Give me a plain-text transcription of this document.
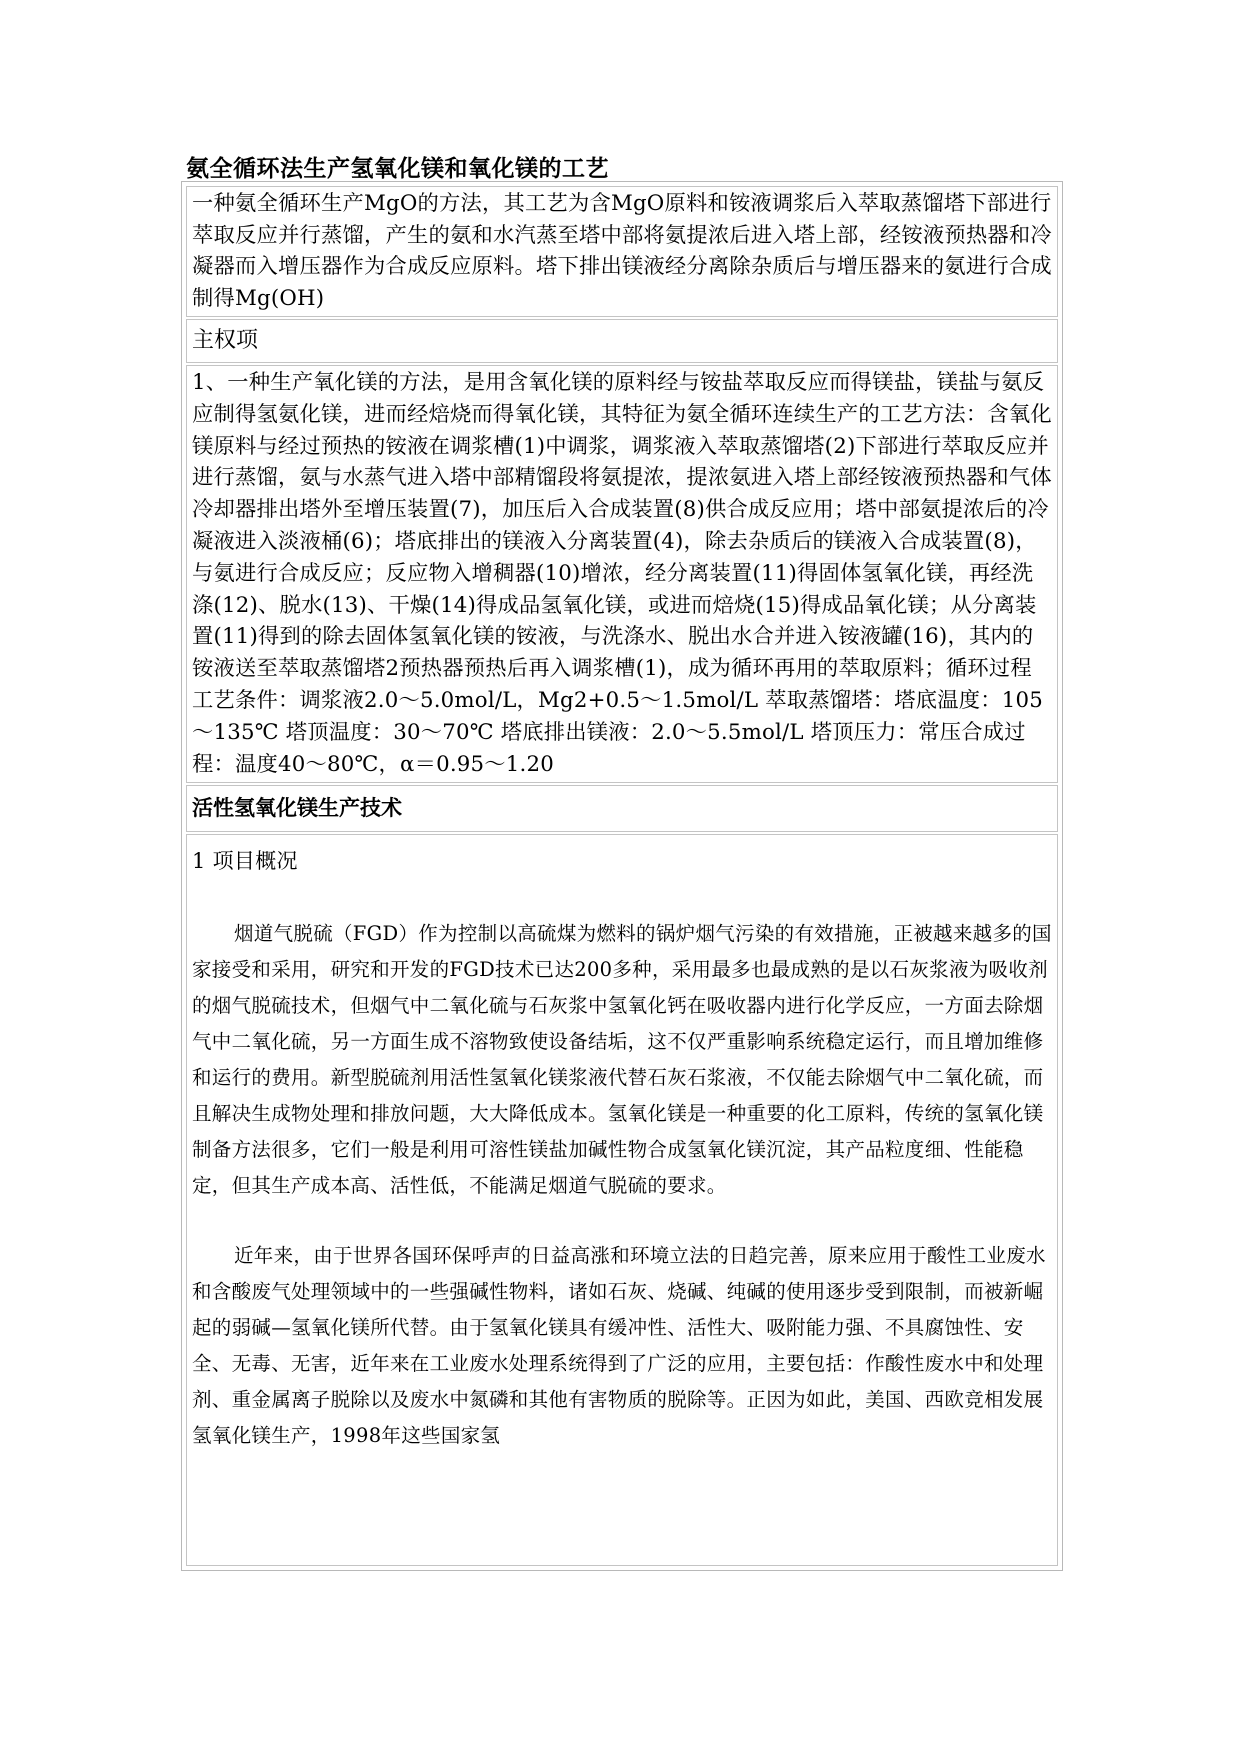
氨全循环法生产氢氧化镁和氧化镁的工艺

一种氨全循环生产MgO的方法，其工艺为含MgO原料和铵液调浆后入萃取蒸馏塔下部进行萃取反应并行蒸馏，产生的氨和水汽蒸至塔中部将氨提浓后进入塔上部，经铵液预热器和冷凝器而入增压器作为合成反应原料。塔下排出镁液经分离除杂质后与增压器来的氨进行合成制得Mg(OH)

主权项

1、一种生产氧化镁的方法，是用含氧化镁的原料经与铵盐萃取反应而得镁盐，镁盐与氨反应制得氢氨化镁，进而经焙烧而得氧化镁，其特征为氨全循环连续生产的工艺方法：含氧化镁原料与经过预热的铵液在调浆槽(1)中调浆，调浆液入萃取蒸馏塔(2)下部进行萃取反应并进行蒸馏，氨与水蒸气进入塔中部精馏段将氨提浓，提浓氨进入塔上部经铵液预热器和气体冷却器排出塔外至增压装置(7)，加压后入合成装置(8)供合成反应用；塔中部氨提浓后的冷凝液进入淡液桶(6)；塔底排出的镁液入分离装置(4)，除去杂质后的镁液入合成装置(8)，与氨进行合成反应；反应物入增稠器(10)增浓，经分离装置(11)得固体氢氧化镁，再经洗涤(12)、脱水(13)、干燥(14)得成品氢氧化镁，或进而焙烧(15)得成品氧化镁；从分离装置(11)得到的除去固体氢氧化镁的铵液，与洗涤水、脱出水合并进入铵液罐(16)，其内的铵液送至萃取蒸馏塔2预热器预热后再入调浆槽(1)，成为循环再用的萃取原料；循环过程工艺条件：调浆液2.0～5.0mol/L，Mg2+0.5～1.5mol/L 萃取蒸馏塔：塔底温度：105～135℃ 塔顶温度：30～70℃ 塔底排出镁液：2.0～5.5mol/L 塔顶压力：常压合成过程：温度40～80℃，α＝0.95～1.20

活性氢氧化镁生产技术

1 项目概况

烟道气脱硫（FGD）作为控制以高硫煤为燃料的锅炉烟气污染的有效措施，正被越来越多的国家接受和采用，研究和开发的FGD技术已达200多种，采用最多也最成熟的是以石灰浆液为吸收剂的烟气脱硫技术，但烟气中二氧化硫与石灰浆中氢氧化钙在吸收器内进行化学反应，一方面去除烟气中二氧化硫，另一方面生成不溶物致使设备结垢，这不仅严重影响系统稳定运行，而且增加维修和运行的费用。新型脱硫剂用活性氢氧化镁浆液代替石灰石浆液，不仅能去除烟气中二氧化硫，而且解决生成物处理和排放问题，大大降低成本。氢氧化镁是一种重要的化工原料，传统的氢氧化镁制备方法很多，它们一般是利用可溶性镁盐加碱性物合成氢氧化镁沉淀，其产品粒度细、性能稳定，但其生产成本高、活性低，不能满足烟道气脱硫的要求。

近年来，由于世界各国环保呼声的日益高涨和环境立法的日趋完善，原来应用于酸性工业废水和含酸废气处理领域中的一些强碱性物料，诸如石灰、烧碱、纯碱的使用逐步受到限制，而被新崛起的弱碱—氢氧化镁所代替。由于氢氧化镁具有缓冲性、活性大、吸附能力强、不具腐蚀性、安全、无毒、无害，近年来在工业废水处理系统得到了广泛的应用，主要包括：作酸性废水中和处理剂、重金属离子脱除以及废水中氮磷和其他有害物质的脱除等。正因为如此，美国、西欧竞相发展氢氧化镁生产，1998年这些国家氢
